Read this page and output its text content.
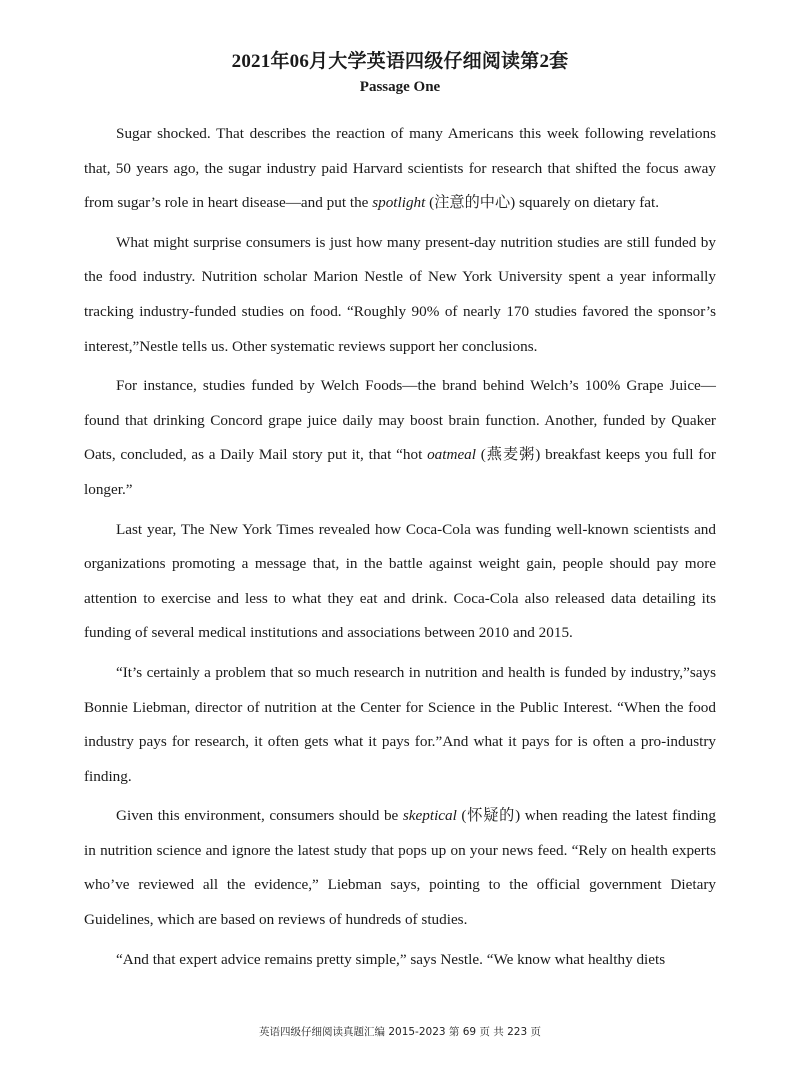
2021年06月大学英语四级仔细阅读第2套
Passage One

Sugar shocked. That describes the reaction of many Americans this week following revelations that, 50 years ago, the sugar industry paid Harvard scientists for research that shifted the focus away from sugar’s role in heart disease—and put the spotlight (注意的中心) squarely on dietary fat.

What might surprise consumers is just how many present-day nutrition studies are still funded by the food industry. Nutrition scholar Marion Nestle of New York University spent a year informally tracking industry-funded studies on food. “Roughly 90% of nearly 170 studies favored the sponsor’s interest,”Nestle tells us. Other systematic reviews support her conclusions.

For instance, studies funded by Welch Foods—the brand behind Welch’s 100% Grape Juice—found that drinking Concord grape juice daily may boost brain function. Another, funded by Quaker Oats, concluded, as a Daily Mail story put it, that “hot oatmeal (燕麦粥) breakfast keeps you full for longer.”

Last year, The New York Times revealed how Coca-Cola was funding well-known scientists and organizations promoting a message that, in the battle against weight gain, people should pay more attention to exercise and less to what they eat and drink. Coca-Cola also released data detailing its funding of several medical institutions and associations between 2010 and 2015.

“It’s certainly a problem that so much research in nutrition and health is funded by industry,”says Bonnie Liebman, director of nutrition at the Center for Science in the Public Interest. “When the food industry pays for research, it often gets what it pays for.”And what it pays for is often a pro-industry finding.

Given this environment, consumers should be skeptical (怀疑的) when reading the latest finding in nutrition science and ignore the latest study that pops up on your news feed. “Rely on health experts who’ve reviewed all the evidence,” Liebman says, pointing to the official government Dietary Guidelines, which are based on reviews of hundreds of studies.

“And that expert advice remains pretty simple,” says Nestle. “We know what healthy diets

英语四级仔细阅读真题汇编 2015-2023 第 69 页 共 223 页
